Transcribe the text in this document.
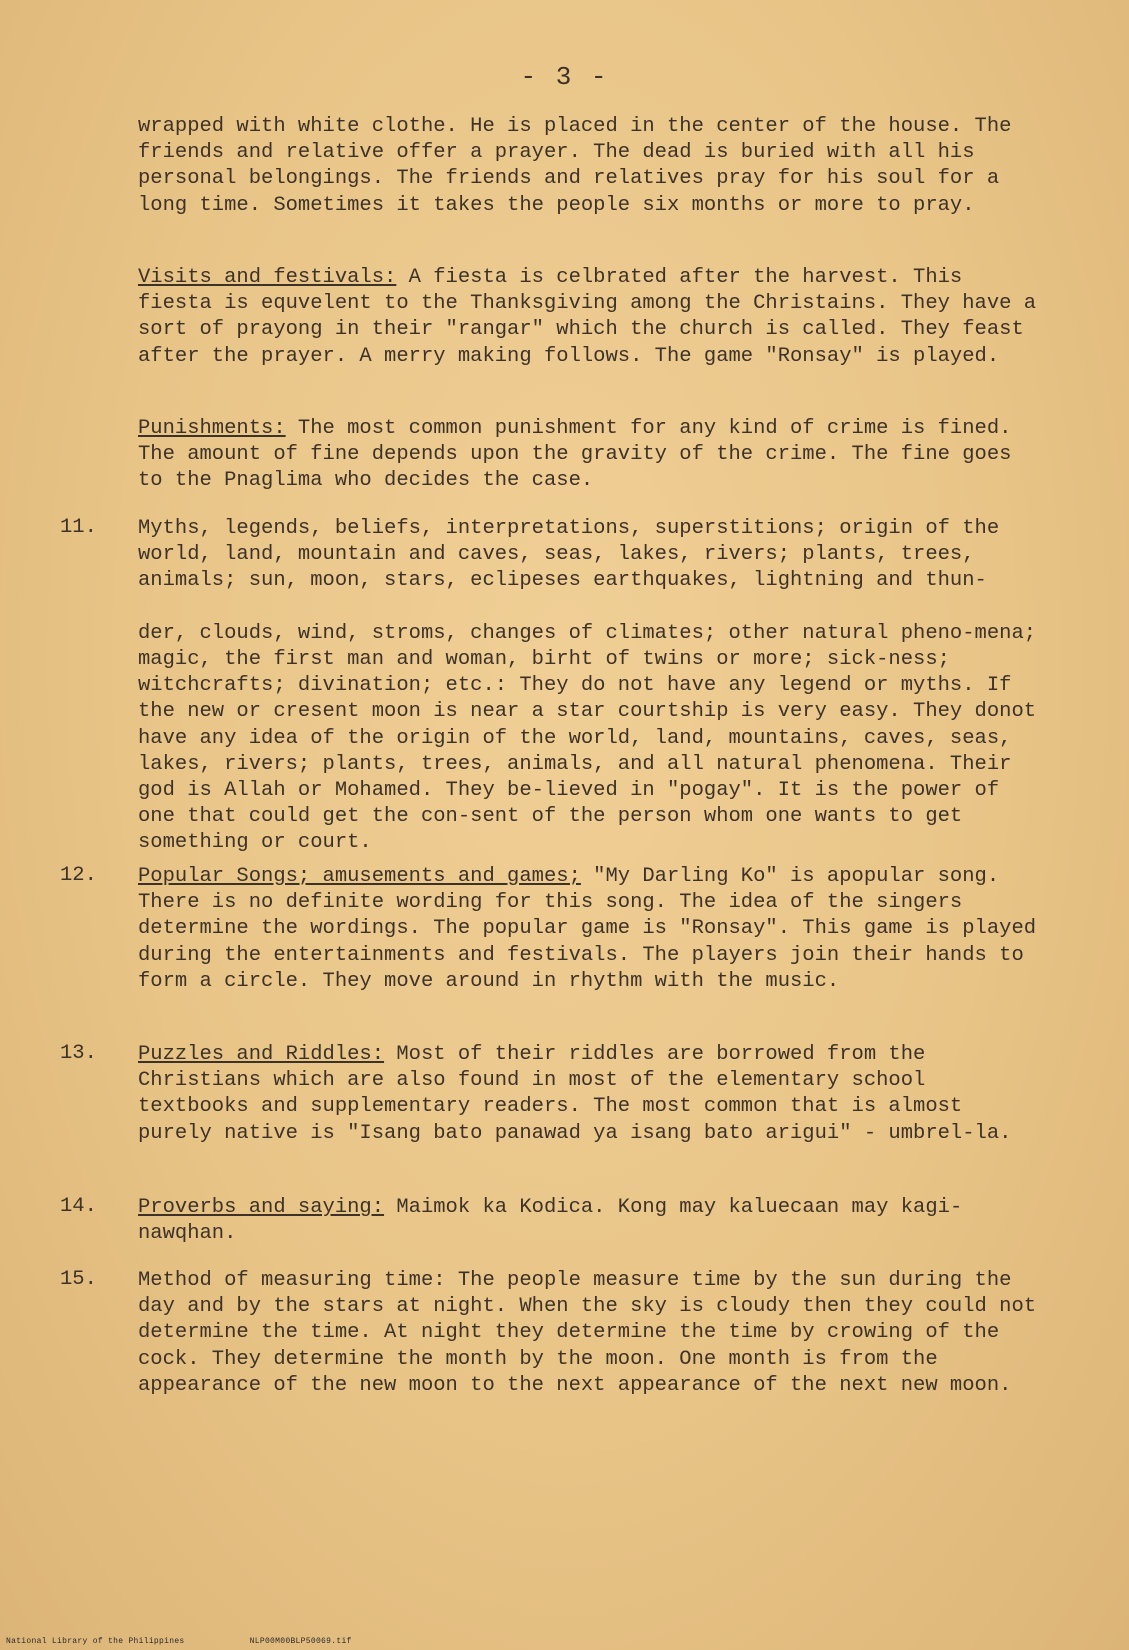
- 3 -
wrapped with white clothe. He is placed in the center of the house. The friends and relative offer a prayer. The dead is buried with all his personal belongings. The friends and relatives pray for his soul for a long time. Sometimes it takes the people six months or more to pray.
Visits and festivals: A fiesta is celbrated after the harvest. This fiesta is equvelent to the Thanksgiving among the Christains. They have a sort of prayong in their "rangar" which the church is called. They feast after the prayer. A merry making follows. The game "Ronsay" is played.
Punishments: The most common punishment for any kind of crime is fined. The amount of fine depends upon the gravity of the crime. The fine goes to the Pnaglima who decides the case.
11. Myths, legends, beliefs, interpretations, superstitions; origin of the world, land, mountain and caves, seas, lakes, rivers; plants, trees, animals; sun, moon, stars, eclipeses earthquakes, lightning and thun-

der, clouds, wind, stroms, changes of climates; other natural pheno-mena; magic, the first man and woman, birht of twins or more; sick-ness; witchcrafts; divination; etc.: They do not have any legend or myths. If the new or cresent moon is near a star courtship is very easy. They donot have any idea of the origin of the world, land, mountains, caves, seas, lakes, rivers; plants, trees, animals, and all natural phenomena. Their god is Allah or Mohamed. They be-lieved in "pogay". It is the power of one that could get the con-sent of the person whom one wants to get something or court.
12. Popular Songs; amusements and games; "My Darling Ko" is apopular song. There is no definite wording for this song. The idea of the singers determine the wordings. The popular game is "Ronsay". This game is played during the entertainments and festivals. The players join their hands to form a circle. They move around in rhythm with the music.
13. Puzzles and Riddles: Most of their riddles are borrowed from the Christians which are also found in most of the elementary school textbooks and supplementary readers. The most common that is almost purely native is "Isang bato panawad ya isang bato arigui" - umbrel-la.
14. Proverbs and saying: Maimok ka Kodica. Kong may kaluecaan may kagi-nawqhan.
15. Method of measuring time: The people measure time by the sun during the day and by the stars at night. When the sky is cloudy then they could not determine the time. At night they determine the time by crowing of the cock. They determine the month by the moon. One month is from the appearance of the new moon to the next appearance of the next new moon.
National Library of the Philippines	NLP00M00BLP50069.tif
